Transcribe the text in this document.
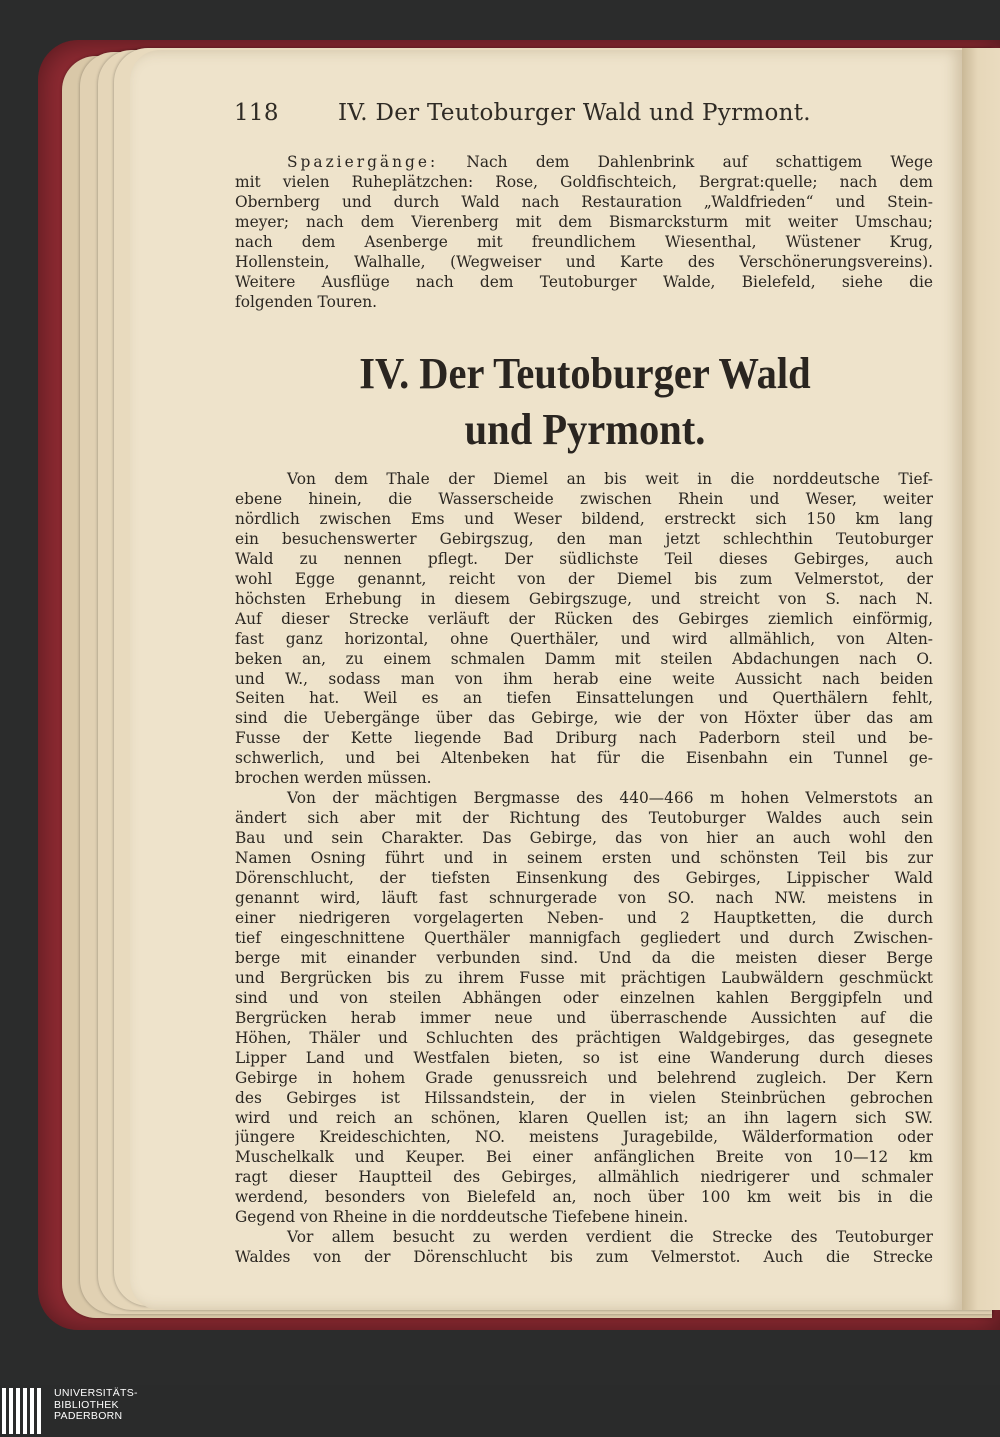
118	IV. Der Teutoburger Wald und Pyrmont.
Spaziergänge: Nach dem Dahlenbrink auf schattigem Wege
mit vielen Ruheplätzchen: Rose, Goldfischteich, Bergrat:quelle; nach dem
Obernberg und durch Wald nach Restauration „Waldfrieden“ und Stein-
meyer; nach dem Vierenberg mit dem Bismarcksturm mit weiter Umschau;
nach dem Asenberge mit freundlichem Wiesenthal, Wüstener Krug,
Hollenstein, Walhalle, (Wegweiser und Karte des Verschönerungsvereins).
Weitere Ausflüge nach dem Teutoburger Walde, Bielefeld, siehe die
folgenden Touren.
IV. Der Teutoburger Wald
und Pyrmont.
Von dem Thale der Diemel an bis weit in die norddeutsche Tief-
ebene hinein, die Wasserscheide zwischen Rhein und Weser, weiter
nördlich zwischen Ems und Weser bildend, erstreckt sich 150 km lang
ein besuchenswerter Gebirgszug, den man jetzt schlechthin Teutoburger
Wald zu nennen pflegt. Der südlichste Teil dieses Gebirges, auch
wohl Egge genannt, reicht von der Diemel bis zum Velmerstot, der
höchsten Erhebung in diesem Gebirgszuge, und streicht von S. nach N.
Auf dieser Strecke verläuft der Rücken des Gebirges ziemlich einförmig,
fast ganz horizontal, ohne Querthäler, und wird allmählich, von Alten-
beken an, zu einem schmalen Damm mit steilen Abdachungen nach O.
und W., sodass man von ihm herab eine weite Aussicht nach beiden
Seiten hat. Weil es an tiefen Einsattelungen und Querthälern fehlt,
sind die Uebergänge über das Gebirge, wie der von Höxter über das am
Fusse der Kette liegende Bad Driburg nach Paderborn steil und be-
schwerlich, und bei Altenbeken hat für die Eisenbahn ein Tunnel ge-
brochen werden müssen.
Von der mächtigen Bergmasse des 440—466 m hohen Velmerstots an
ändert sich aber mit der Richtung des Teutoburger Waldes auch sein
Bau und sein Charakter. Das Gebirge, das von hier an auch wohl den
Namen Osning führt und in seinem ersten und schönsten Teil bis zur
Dörenschlucht, der tiefsten Einsenkung des Gebirges, Lippischer Wald
genannt wird, läuft fast schnurgerade von SO. nach NW. meistens in
einer niedrigeren vorgelagerten Neben- und 2 Hauptketten, die durch
tief eingeschnittene Querthäler mannigfach gegliedert und durch Zwischen-
berge mit einander verbunden sind. Und da die meisten dieser Berge
und Bergrücken bis zu ihrem Fusse mit prächtigen Laubwäldern geschmückt
sind und von steilen Abhängen oder einzelnen kahlen Berggipfeln und
Bergrücken herab immer neue und überraschende Aussichten auf die
Höhen, Thäler und Schluchten des prächtigen Waldgebirges, das gesegnete
Lipper Land und Westfalen bieten, so ist eine Wanderung durch dieses
Gebirge in hohem Grade genussreich und belehrend zugleich. Der Kern
des Gebirges ist Hilssandstein, der in vielen Steinbrüchen gebrochen
wird und reich an schönen, klaren Quellen ist; an ihn lagern sich SW.
jüngere Kreideschichten, NO. meistens Juragebilde, Wälderformation oder
Muschelkalk und Keuper. Bei einer anfänglichen Breite von 10—12 km
ragt dieser Hauptteil des Gebirges, allmählich niedrigerer und schmaler
werdend, besonders von Bielefeld an, noch über 100 km weit bis in die
Gegend von Rheine in die norddeutsche Tiefebene hinein.
Vor allem besucht zu werden verdient die Strecke des Teutoburger
Waldes von der Dörenschlucht bis zum Velmerstot. Auch die Strecke
UNIVERSITÄTS-
BIBLIOTHEK
PADERBORN
